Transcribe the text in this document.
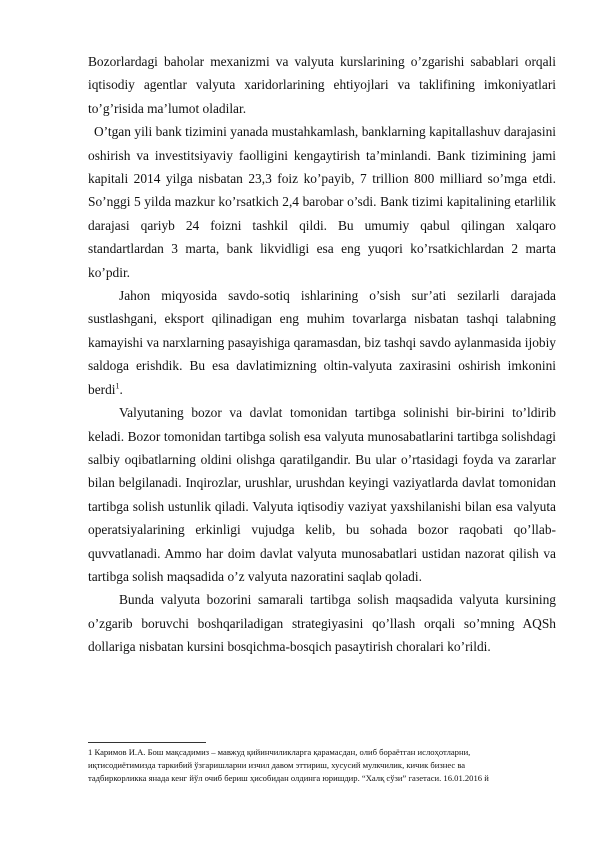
Bozorlardagi baholar mexanizmi va valyuta kurslarining o’zgarishi sabablari orqali iqtisodiy agentlar valyuta xaridorlarining ehtiyojlari va taklifining imkoniyatlari to’g’risida ma’lumot oladilar.

O’tgan yili bank tizimini yanada mustahkamlash, banklarning kapitallashuv darajasini oshirish va investitsiyaviy faolligini kengaytirish ta’minlandi. Bank tizimining jami kapitali 2014 yilga nisbatan 23,3 foiz ko’payib, 7 trillion 800 milliard so’mga etdi. So’nggi 5 yilda mazkur ko’rsatkich 2,4 barobar o’sdi. Bank tizimi kapitalining etarlilik darajasi qariyb 24 foizni tashkil qildi. Bu umumiy qabul qilingan xalqaro standartlardan 3 marta, bank likvidligi esa eng yuqori ko’rsatkichlardan 2 marta ko’pdir.

Jahon miqyosida savdo-sotiq ishlarining o’sish sur’ati sezilarli darajada sustlashgani, eksport qilinadigan eng muhim tovarlarga nisbatan tashqi talabning kamayishi va narxlarning pasayishiga qaramasdan, biz tashqi savdo aylanmasida ijobiy saldoga erishdik. Bu esa davlatimizning oltin-valyuta zaxirasini oshirish imkonini berdi$^1$.

Valyutaning bozor va davlat tomonidan tartibga solinishi bir-birini to’ldirib keladi. Bozor tomonidan tartibga solish esa valyuta munosabatlarini tartibga solishdagi salbiy oqibatlarning oldini olishga qaratilgandir. Bu ular o’rtasidagi foyda va zararlar bilan belgilanadi. Inqirozlar, urushlar, urushdan keyingi vaziyatlarda davlat tomonidan tartibga solish ustunlik qiladi. Valyuta iqtisodiy vaziyat yaxshilanishi bilan esa valyuta operatsiyalarining erkinligi vujudga kelib, bu sohada bozor raqobati qo’llab-quvvatlanadi. Ammo har doim davlat valyuta munosabatlari ustidan nazorat qilish va tartibga solish maqsadida o’z valyuta nazoratini saqlab qoladi.

Bunda valyuta bozorini samarali tartibga solish maqsadida valyuta kursining o’zgarib boruvchi boshqariladigan strategiyasini qo’llash orqali so’mning AQSh dollariga nisbatan kursini bosqichma-bosqich pasaytirish choralari ko’rildi.

1 Каримов И.А. Бош мақсадимиз – мавжуд қийинчиликларга қарамасдан, олиб борaётган ислоҳотларни,

иқтисодиётимизда таркибий ўзгаришларни изчил давом эттириш, хусусий мулкчилик, кичик бизнес ва

тадбиркорликка янада кенг йўл очиб бериш ҳисобидан олдинга юришдир. “Халқ сўзи” газетаси. 16.01.2016 й
